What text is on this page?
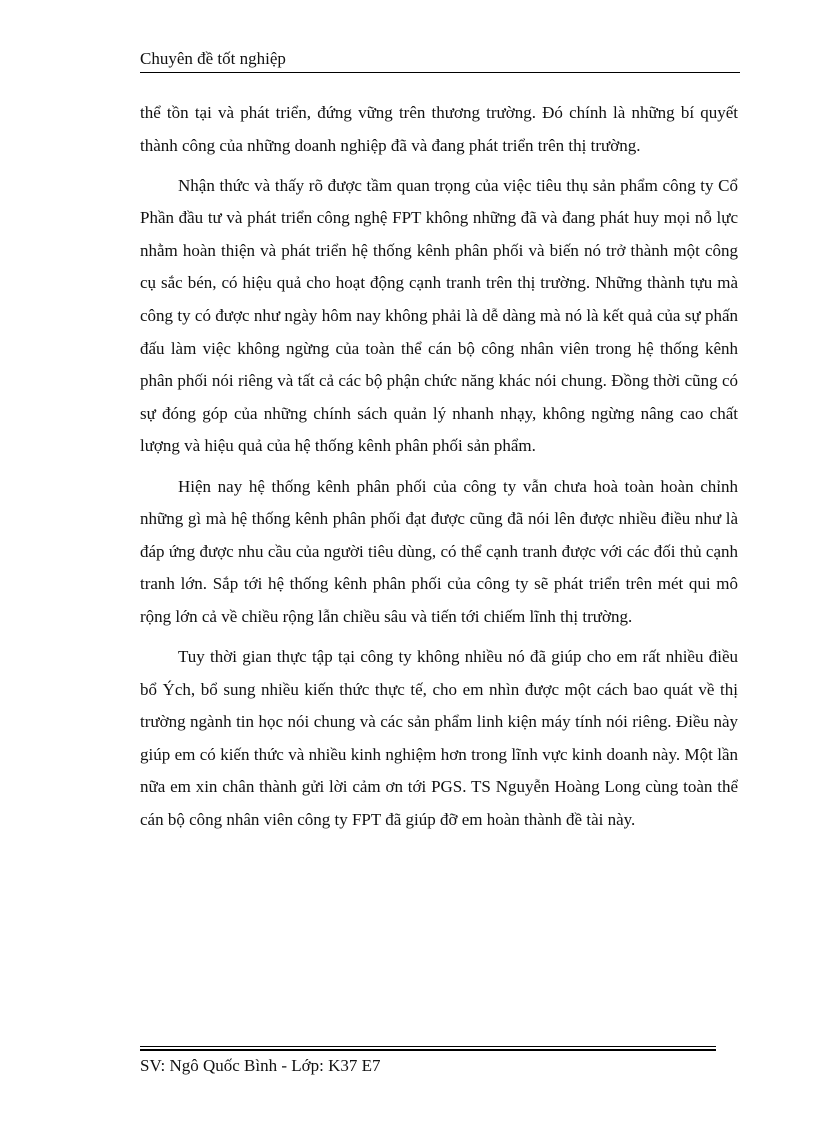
Chuyên đề tốt nghiệp

thể tồn tại và phát triển, đứng vững trên thương trường. Đó chính là những bí quyết thành công của những doanh nghiệp đã và đang phát triển trên thị trường.

Nhận thức và thấy rõ được tầm quan trọng của việc tiêu thụ sản phẩm công ty Cổ Phần đầu tư và phát triển công nghệ FPT không những đã và đang phát huy mọi nỗ lực nhằm hoàn thiện và phát triển hệ thống kênh phân phối và biến nó trở thành một công cụ sắc bén, có hiệu quả cho hoạt động cạnh tranh trên thị trường. Những thành tựu mà công ty có được như ngày hôm nay không phải là dễ dàng mà nó là kết quả của sự phấn đấu làm việc không ngừng của toàn thể cán bộ công nhân viên trong hệ thống kênh phân phối nói riêng và tất cả các bộ phận chức năng khác nói chung. Đồng thời cũng có sự đóng góp của những chính sách quản lý nhanh nhạy, không ngừng nâng cao chất lượng và hiệu quả của hệ thống kênh phân phối sản phẩm.

Hiện nay hệ thống kênh phân phối của công ty vẫn chưa hoà toàn hoàn chỉnh những gì mà hệ thống kênh phân phối đạt được cũng đã nói lên được nhiều điều như là đáp ứng được nhu cầu của người tiêu dùng, có thể cạnh tranh được với các đối thủ cạnh tranh lớn. Sắp tới hệ thống kênh phân phối của công ty sẽ phát triển trên mét qui mô rộng lớn cả về chiều rộng lẫn chiều sâu và tiến tới chiếm lĩnh thị trường.

Tuy thời gian thực tập tại công ty không nhiều nó đã giúp cho em rất nhiều điều bổ Ých, bổ sung nhiều kiến thức thực tế, cho em nhìn được một cách bao quát về thị trường ngành tin học nói chung và các sản phẩm linh kiện máy tính nói riêng. Điều này giúp em có kiến thức và nhiều kinh nghiệm hơn trong lĩnh vực kinh doanh này. Một lần nữa em xin chân thành gửi lời cảm ơn tới PGS. TS Nguyễn Hoàng Long cùng toàn thể cán bộ công nhân viên công ty FPT đã giúp đỡ em hoàn thành đề tài này.

SV: Ngô Quốc Bình - Lớp: K37 E7
